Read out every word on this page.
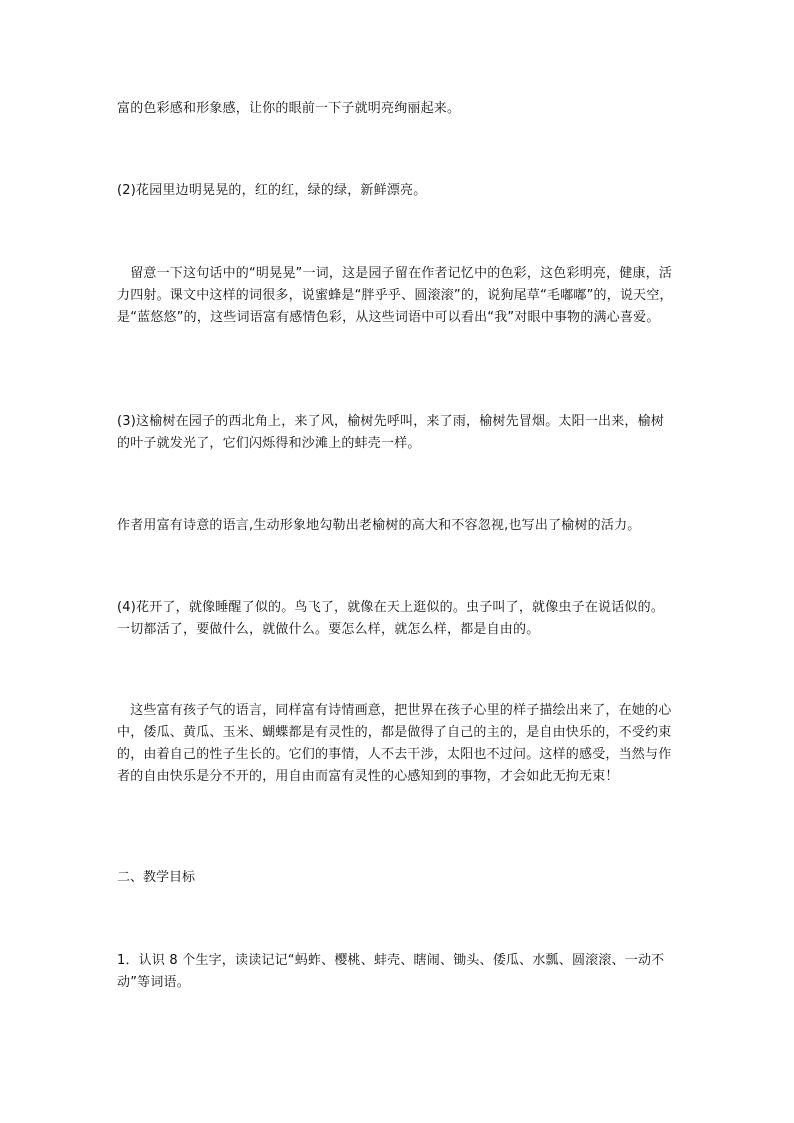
富的色彩感和形象感，让你的眼前一下子就明亮绚丽起来。

(2)花园里边明晃晃的，红的红，绿的绿，新鲜漂亮。

　留意一下这句话中的“明晃晃”一词，这是园子留在作者记忆中的色彩，这色彩明亮，健康，活力四射。课文中这样的词很多，说蜜蜂是“胖乎乎、圆滚滚”的，说狗尾草“毛嘟嘟”的，说天空，是“蓝悠悠”的，这些词语富有感情色彩，从这些词语中可以看出“我”对眼中事物的满心喜爱。

(3)这榆树在园子的西北角上，来了风，榆树先呼叫，来了雨，榆树先冒烟。太阳一出来，榆树的叶子就发光了，它们闪烁得和沙滩上的蚌壳一样。

作者用富有诗意的语言,生动形象地勾勒出老榆树的高大和不容忽视,也写出了榆树的活力。

(4)花开了，就像睡醒了似的。鸟飞了，就像在天上逛似的。虫子叫了，就像虫子在说话似的。一切都活了，要做什么，就做什么。要怎么样，就怎么样，都是自由的。

　这些富有孩子气的语言，同样富有诗情画意，把世界在孩子心里的样子描绘出来了，在她的心中，倭瓜、黄瓜、玉米、蝴蝶都是有灵性的，都是做得了自己的主的，是自由快乐的，不受约束的，由着自己的性子生长的。它们的事情，人不去干涉，太阳也不过问。这样的感受，当然与作者的自由快乐是分不开的，用自由而富有灵性的心感知到的事物，才会如此无拘无束！

二、教学目标

1．认识 8 个生字，读读记记“蚂蚱、樱桃、蚌壳、瞎闹、锄头、倭瓜、水瓢、圆滚滚、一动不动”等词语。
